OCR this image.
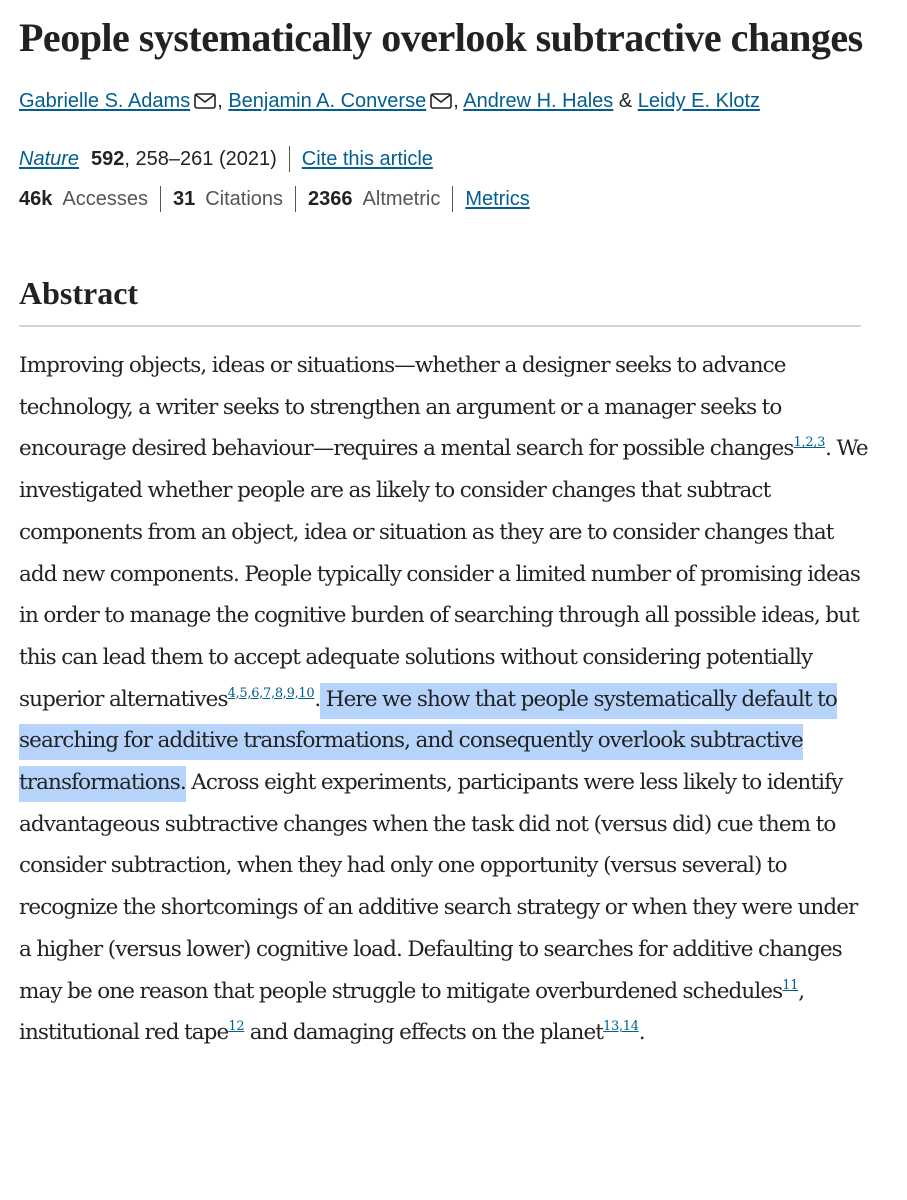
People systematically overlook subtractive changes
Gabrielle S. Adams , Benjamin A. Converse , Andrew H. Hales & Leidy E. Klotz
Nature 592 , 258–261 (2021) Cite this article
46k Accesses 31 Citations 2366 Altmetric Metrics
Abstract

Improving objects, ideas or situations—whether a designer seeks to advance technology, a writer seeks to strengthen an argument or a manager seeks to encourage desired behaviour—requires a mental search for possible changes$^{1,2,3}$. We investigated whether people are as likely to consider changes that subtract components from an object, idea or situation as they are to consider changes that add new components. People typically consider a limited number of promising ideas in order to manage the cognitive burden of searching through all possible ideas, but this can lead them to accept adequate solutions without considering potentially superior alternatives$^{4,5,6,7,8,9,10}$. Here we show that people systematically default to searching for additive transformations, and consequently overlook subtractive transformations. Across eight experiments, participants were less likely to identify advantageous subtractive changes when the task did not (versus did) cue them to consider subtraction, when they had only one opportunity (versus several) to recognize the shortcomings of an additive search strategy or when they were under a higher (versus lower) cognitive load. Defaulting to searches for additive changes may be one reason that people struggle to mitigate overburdened schedules$^{11}$, institutional red tape$^{12}$ and damaging effects on the planet$^{13,14}$.
